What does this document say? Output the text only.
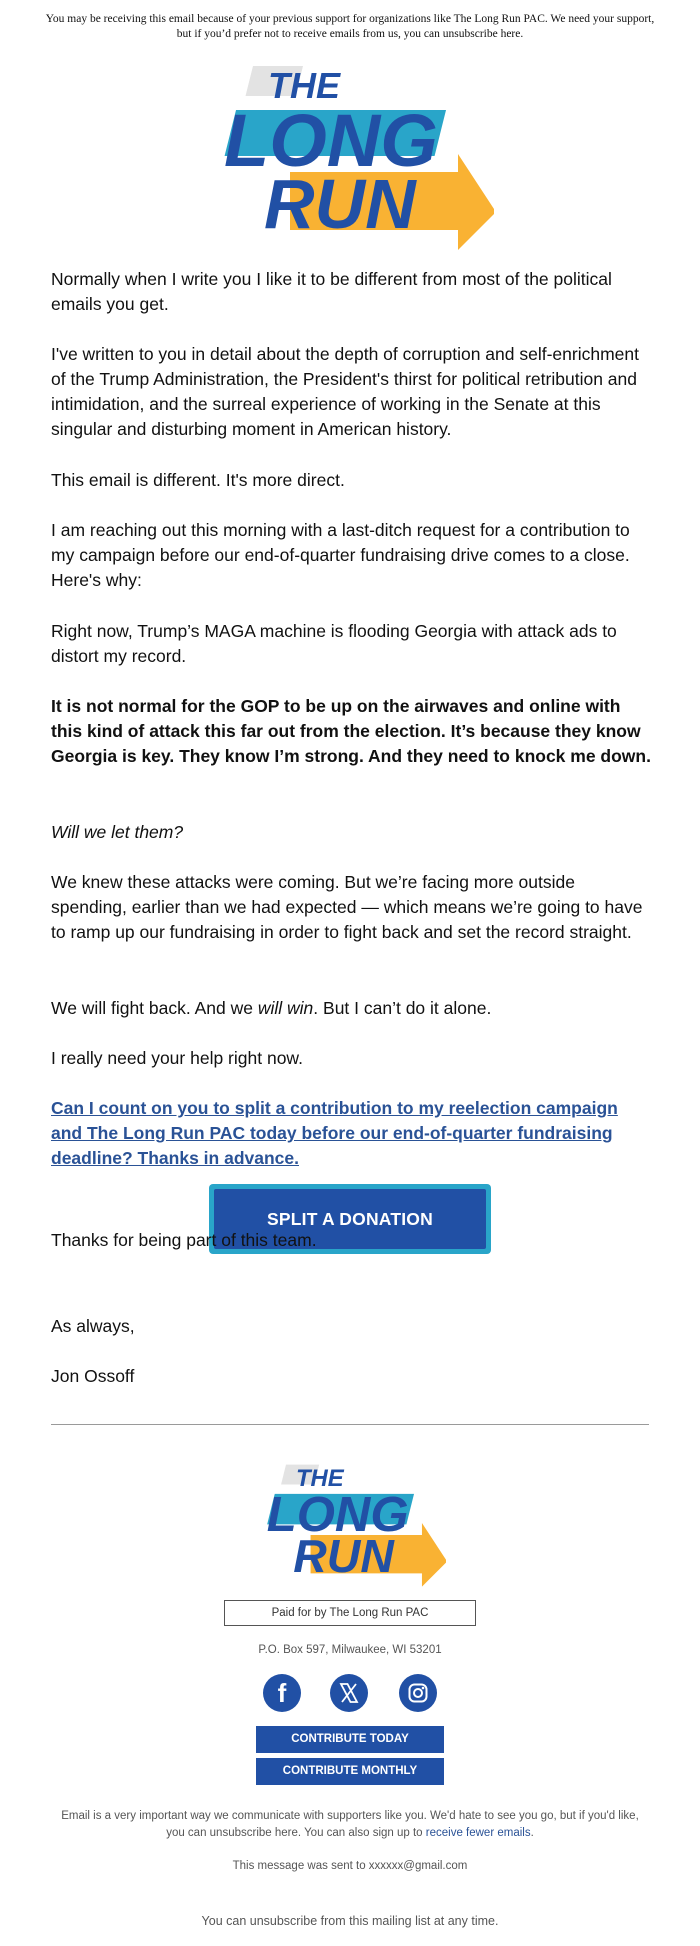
You may be receiving this email because of your previous support for organizations like The Long Run PAC. We need your support, but if you’d prefer not to receive emails from us, you can unsubscribe here.
THE
LONG
RUN
Normally when I write you I like it to be different from most of the political emails you get.
I've written to you in detail about the depth of corruption and self-enrichment of the Trump Administration, the President's thirst for political retribution and intimidation, and the surreal experience of working in the Senate at this singular and disturbing moment in American history.
This email is different. It's more direct.
I am reaching out this morning with a last-ditch request for a contribution to my campaign before our end-of-quarter fundraising drive comes to a close. Here's why:
Right now, Trump’s MAGA machine is flooding Georgia with attack ads to distort my record.
It is not normal for the GOP to be up on the airwaves and online with this kind of attack this far out from the election. It’s because they know Georgia is key. They know I’m strong. And they need to knock me down.
Will we let them?
We knew these attacks were coming. But we’re facing more outside spending, earlier than we had expected — which means we’re going to have to ramp up our fundraising in order to fight back and set the record straight.
We will fight back. And we will win. But I can’t do it alone.
I really need your help right now.
Can I count on you to split a contribution to my reelection campaign and The Long Run PAC today before our end-of-quarter fundraising deadline? Thanks in advance.
SPLIT A DONATION
Thanks for being part of this team.
As always,
Jon Ossoff
THE
LONG
RUN
Paid for by The Long Run PAC
P.O. Box 597, Milwaukee, WI 53201
f
CONTRIBUTE TODAY
CONTRIBUTE MONTHLY
Email is a very important way we communicate with supporters like you. We'd hate to see you go, but if you'd like, you can unsubscribe here. You can also sign up to receive fewer emails.
This message was sent to xxxxxx@gmail.com
You can unsubscribe from this mailing list at any time.
